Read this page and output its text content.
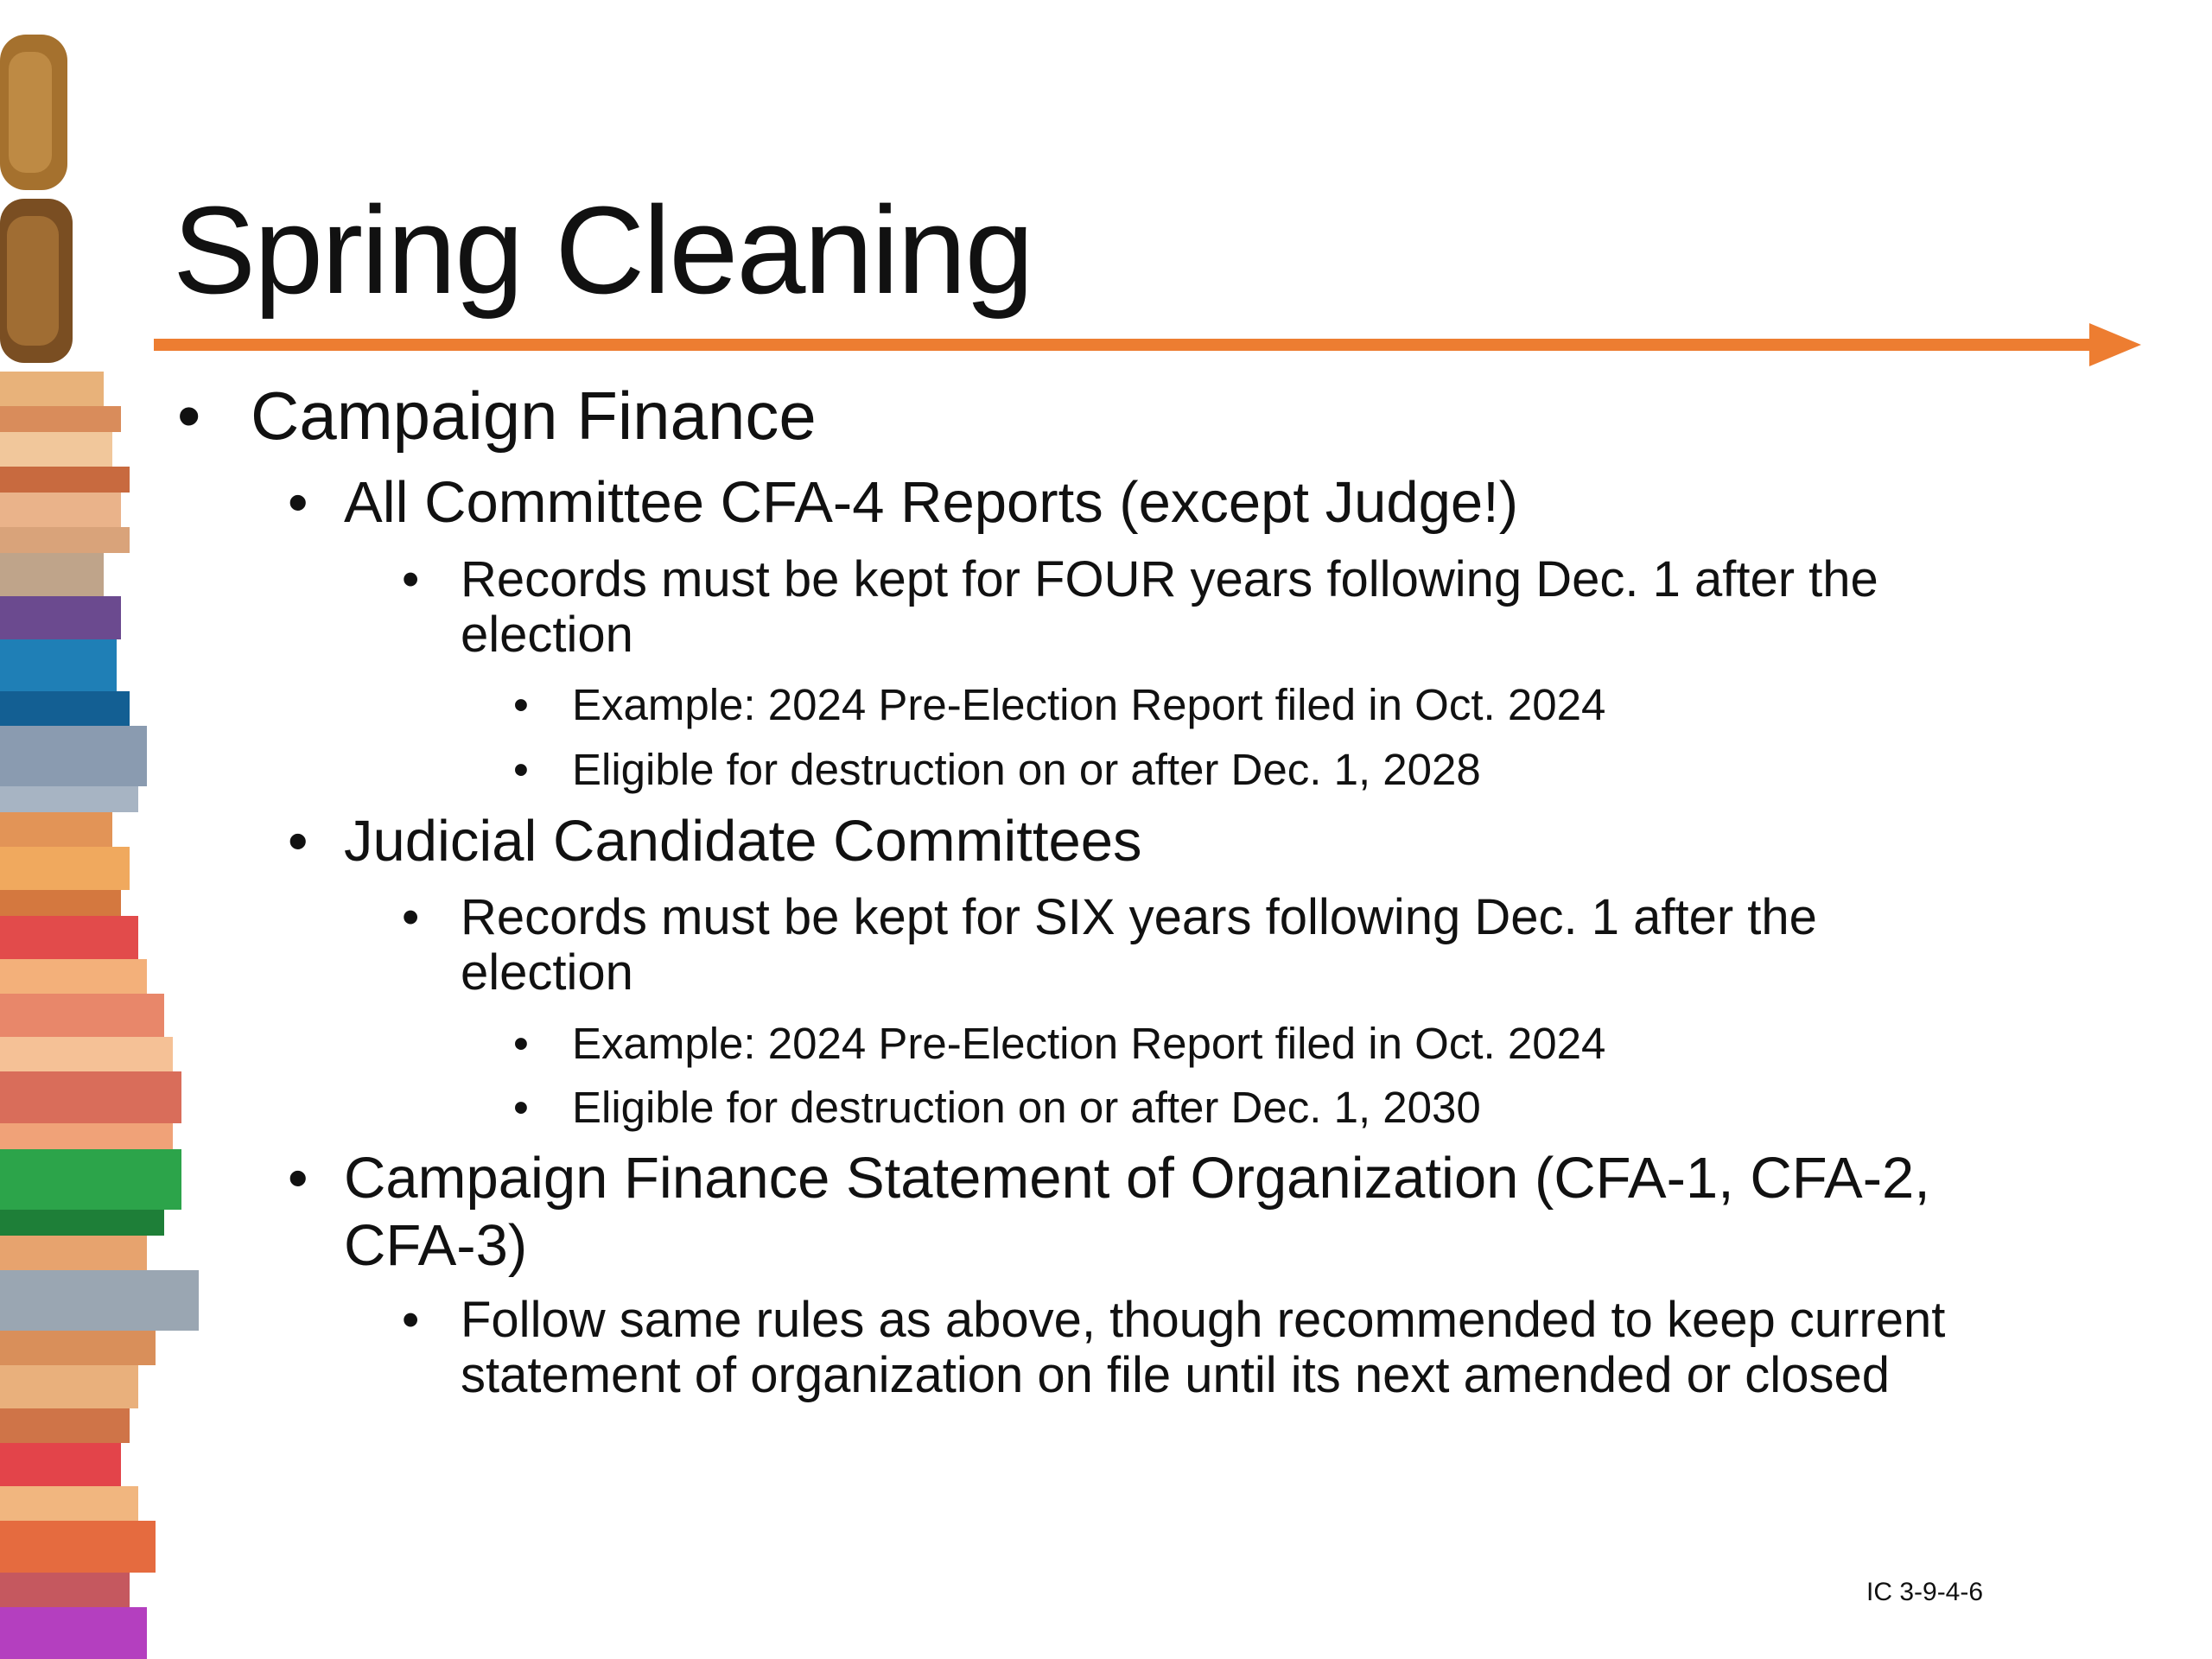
Spring Cleaning
• Campaign Finance
• All Committee CFA-4 Reports (except Judge!)
• Records must be kept for FOUR years following Dec. 1 after the
election
• Example: 2024 Pre-Election Report filed in Oct. 2024
• Eligible for destruction on or after Dec. 1, 2028
• Judicial Candidate Committees
• Records must be kept for SIX years following Dec. 1 after the
election
• Example: 2024 Pre-Election Report filed in Oct. 2024
• Eligible for destruction on or after Dec. 1, 2030
• Campaign Finance Statement of Organization (CFA-1, CFA-2,
CFA-3)
• Follow same rules as above, though recommended to keep current
statement of organization on file until its next amended or closed
IC 3-9-4-6
